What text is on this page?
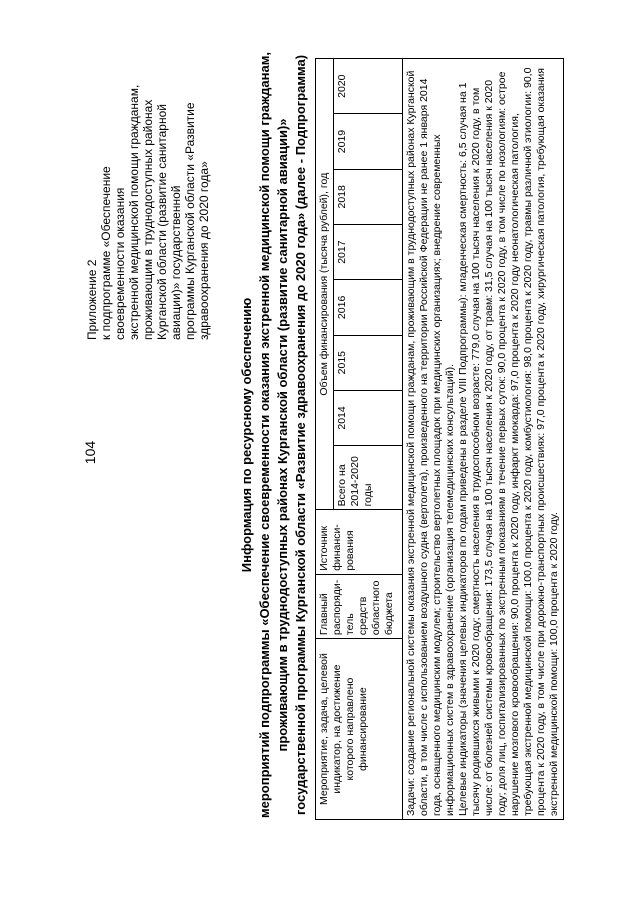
104
Приложение 2 к подпрограмме «Обеспечение своевременности оказания экстренной медицинской помощи гражданам, проживающим в труднодоступных районах Курганской области (развитие санитарной авиации)» государственной программы Курганской области «Развитие здравоохранения до 2020 года»
Информация по ресурсному обеспечению мероприятий подпрограммы «Обеспечение своевременности оказания экстренной медицинской помощи гражданам, проживающим в труднодоступных районах Курганской области (развитие санитарной авиации)» государственной программы Курганской области «Развитие здравоохранения до 2020 года» (далее - Подпрограмма) Мероприятие, задача, целевой индикатор, на достижение которого направлено финансирование	Главный распоряди-тель средств областного бюджета	Источник финанси-рования	Объем финансирования (тысяча рублей), год							
			Всего на 2014-2020 годы	2014	2015	2016	2017	2018	2019	2020

Задачи: создание региональной системы оказания экстренной медицинской помощи гражданам, проживающим в труднодоступных районах Курганской области, в том числе с использованием воздушного судна (вертолета), произведенного на территории Российской Федерации не ранее 1 января 2014 года, оснащенного медицинским модулем; строительство вертолетных площадок при медицинских организациях; внедрение современных информационных систем в здравоохранение (организация телемедицинских консультаций). Целевые индикаторы (значения целевых индикаторов по годам приведены в разделе VIII Подпрограммы): младенческая смертность: 6,5 случая на 1 тысячу родившихся живыми к 2020 году; смертность населения в трудоспособном возрасте: 779,0 случая на 100 тысяч населения к 2020 году, в том числе: от болезней системы кровообращения: 173,5 случая на 100 тысяч населения к 2020 году, от травм: 31,5 случая на 100 тысяч населения к 2020 году; доля лиц, госпитализированных по экстренным показаниям в течение первых суток: 90,0 процента к 2020 году, в том числе по нозологиям: острое нарушение мозгового кровообращения: 90,0 процента к 2020 году, инфаркт миокарда: 97,0 процента к 2020 году неонатологическая патология, требующая экстренной медицинской помощи: 100,0 процента к 2020 году, комбустиология: 98,0 процента к 2020 году, травмы различной этиологии: 90,0 процента к 2020 году, в том числе при дорожно-транспортных происшествиях: 97,0 процента к 2020 году, хирургическая патология, требующая оказания экстренной медицинской помощи: 100,0 процента к 2020 году.										
